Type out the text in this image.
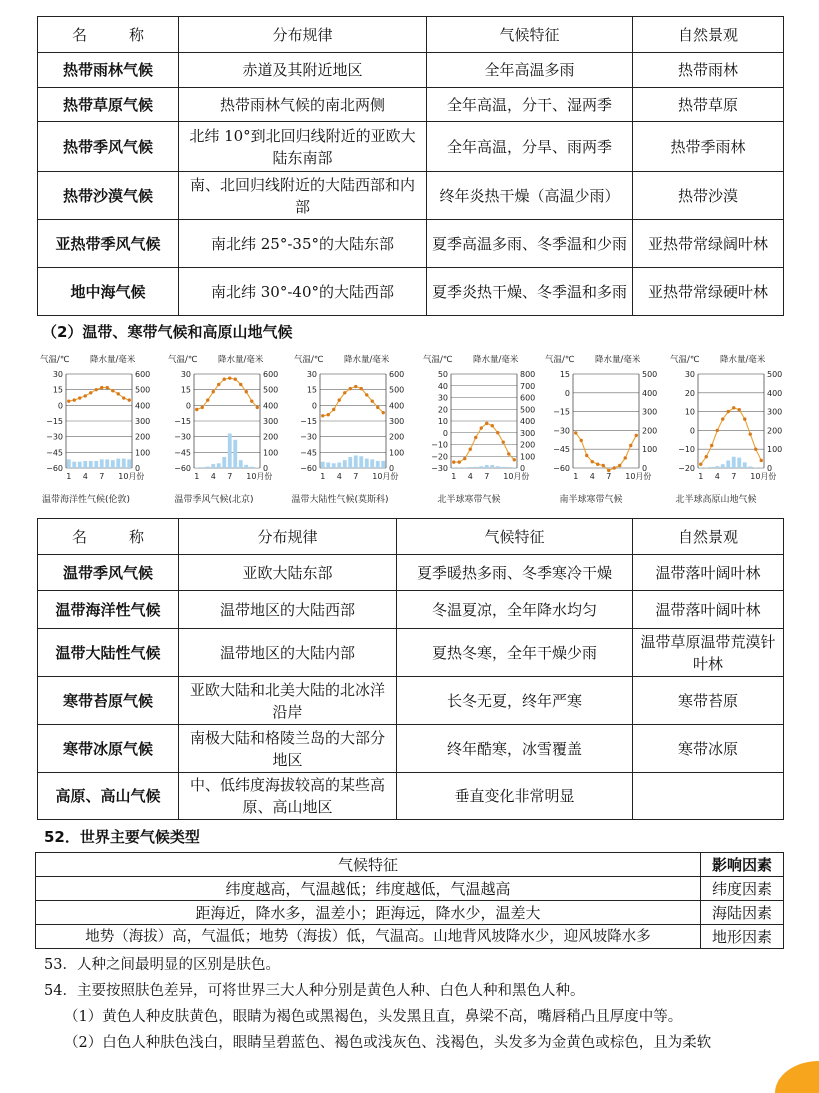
名称	分布规律	气候特征	自然景观
热带雨林气候	赤道及其附近地区	全年高温多雨	热带雨林
热带草原气候	热带雨林气候的南北两侧	全年高温，分干、湿两季	热带草原
热带季风气候	北纬 10°到北回归线附近的亚欧大陆东南部	全年高温，分旱、雨两季	热带季雨林
热带沙漠气候	南、北回归线附近的大陆西部和内部	终年炎热干燥（高温少雨）	热带沙漠
亚热带季风气候	南北纬 25°-35°的大陆东部	夏季高温多雨、冬季温和少雨	亚热带常绿阔叶林
地中海气候	南北纬 30°-40°的大陆西部	夏季炎热干燥、冬季温和多雨	亚热带常绿硬叶林
（2）温带、寒带气候和高原山地气候
气温/℃ 降水量/毫米
30	600
15	500
0	400
−15	300
−30	200
−45	100
−60	0
1 4 7 10月份
温带海洋性气候(伦敦)
气温/℃ 降水量/毫米
30	600
15	500
0	400
−15	300
−30	200
−45	100
−60	0
1 4 7 10月份
温带季风气候(北京)
气温/℃ 降水量/毫米
30	600
15	500
0	400
−15	300
−30	200
−45	100
−60	0
1 4 7 10月份
温带大陆性气候(莫斯科)
气温/℃ 降水量/毫米
50	800
40	700
30	600
20	500
10	400
0	300
−10	200
−20	100
−30	0
1 4 7 10月份
北半球寒带气候
气温/℃ 降水量/毫米
15	500
0	400
−15	300
−30	200
−45	100
−60	0
1 4 7 10月份
南半球寒带气候
气温/℃ 降水量/毫米
30	500
20	400
10	300
0	200
−10	100
−20	0
1 4 7 10月份
北半球高原山地气候
名称	分布规律	气候特征	自然景观
温带季风气候	亚欧大陆东部	夏季暖热多雨、冬季寒冷干燥	温带落叶阔叶林
温带海洋性气候	温带地区的大陆西部	冬温夏凉，全年降水均匀	温带落叶阔叶林
温带大陆性气候	温带地区的大陆内部	夏热冬寒，全年干燥少雨	温带草原温带荒漠针叶林
寒带苔原气候	亚欧大陆和北美大陆的北冰洋沿岸	长冬无夏，终年严寒	寒带苔原
寒带冰原气候	南极大陆和格陵兰岛的大部分地区	终年酷寒，冰雪覆盖	寒带冰原
高原、高山气候	中、低纬度海拔较高的某些高原、高山地区	垂直变化非常明显	
52．世界主要气候类型
气候特征	影响因素
纬度越高，气温越低；纬度越低，气温越高	纬度因素
距海近，降水多，温差小；距海远，降水少，温差大	海陆因素
地势（海拔）高，气温低；地势（海拔）低，气温高。山地背风坡降水少，迎风坡降水多	地形因素
53．人种之间最明显的区别是肤色。
54．主要按照肤色差异，可将世界三大人种分别是黄色人种、白色人种和黑色人种。
（1）黄色人种皮肤黄色，眼睛为褐色或黑褐色，头发黑且直，鼻梁不高，嘴唇稍凸且厚度中等。
（2）白色人种肤色浅白，眼睛呈碧蓝色、褐色或浅灰色、浅褐色，头发多为金黄色或棕色，且为柔软
